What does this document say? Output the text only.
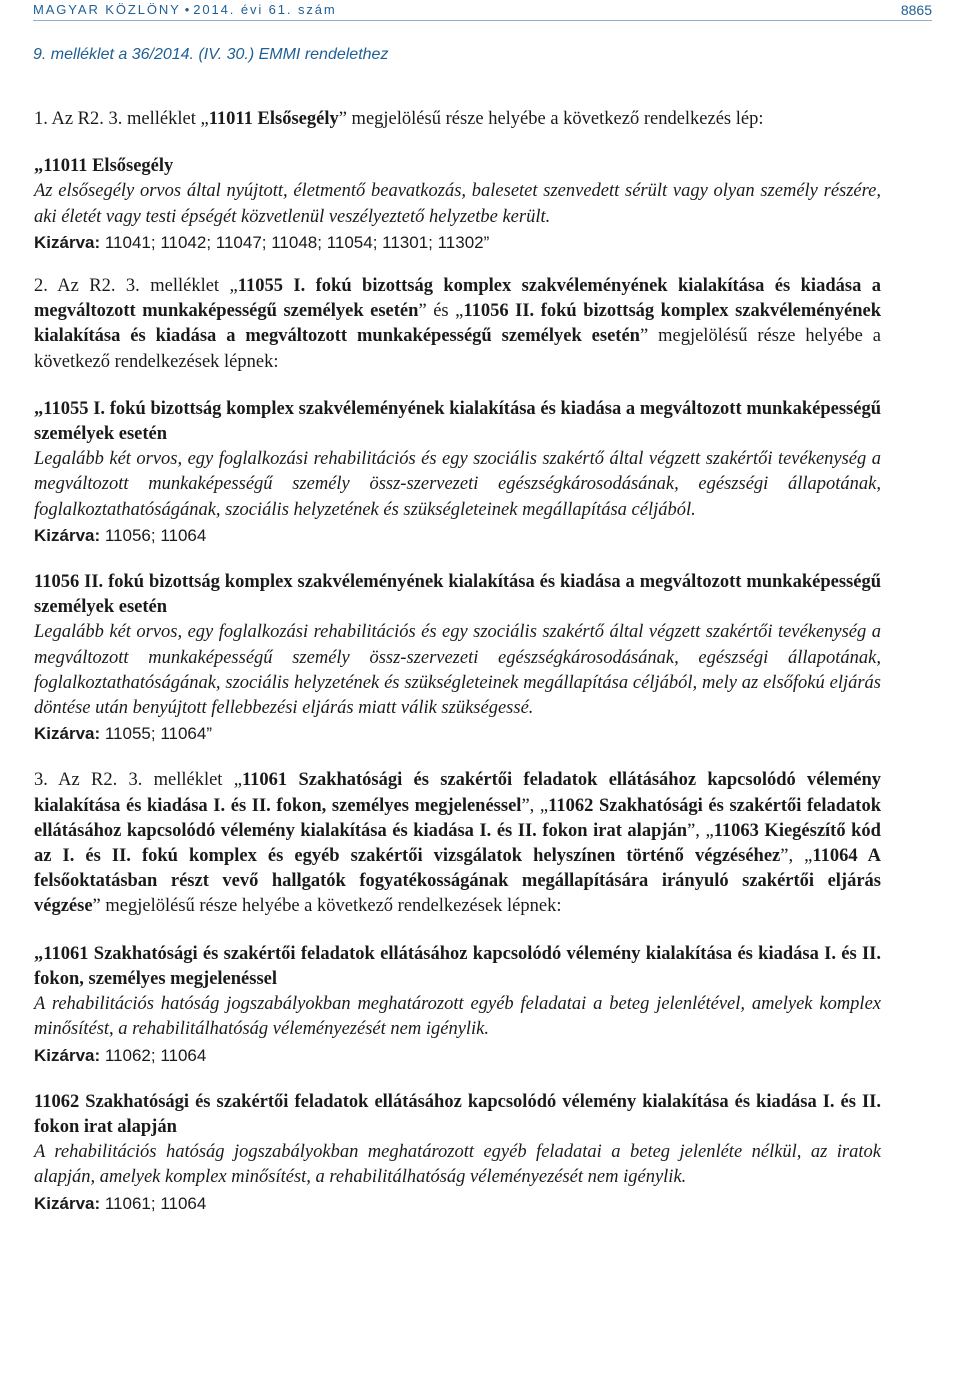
MAGYAR KÖZLÖNY • 2014. évi 61. szám	8865
9. melléklet a 36/2014. (IV. 30.) EMMI rendelethez

1. Az R2. 3. melléklet „11011 Elsősegély” megjelölésű része helyébe a következő rendelkezés lép:

„11011 Elsősegély

Az elsősegély orvos által nyújtott, életmentő beavatkozás, balesetet szenvedett sérült vagy olyan személy részére, aki életét vagy testi épségét közvetlenül veszélyeztető helyzetbe került.

Kizárva: 11041; 11042; 11047; 11048; 11054; 11301; 11302”

2. Az R2. 3. melléklet „11055 I. fokú bizottság komplex szakvéleményének kialakítása és kiadása a megváltozott munkaképességű személyek esetén” és „11056 II. fokú bizottság komplex szakvéleményének kialakítása és kiadása a megváltozott munkaképességű személyek esetén” megjelölésű része helyébe a következő rendelkezések lépnek:

„11055 I. fokú bizottság komplex szakvéleményének kialakítása és kiadása a megváltozott munkaképességű személyek esetén

Legalább két orvos, egy foglalkozási rehabilitációs és egy szociális szakértő által végzett szakértői tevékenység a megváltozott munkaképességű személy össz-szervezeti egészségkárosodásának, egészségi állapotának, foglalkoztathatóságának, szociális helyzetének és szükségleteinek megállapítása céljából.

Kizárva: 11056; 11064

11056 II. fokú bizottság komplex szakvéleményének kialakítása és kiadása a megváltozott munkaképességű személyek esetén

Legalább két orvos, egy foglalkozási rehabilitációs és egy szociális szakértő által végzett szakértői tevékenység a megváltozott munkaképességű személy össz-szervezeti egészségkárosodásának, egészségi állapotának, foglalkoztathatóságának, szociális helyzetének és szükségleteinek megállapítása céljából, mely az elsőfokú eljárás döntése után benyújtott fellebbezési eljárás miatt válik szükségessé.

Kizárva: 11055; 11064”

3. Az R2. 3. melléklet „11061 Szakhatósági és szakértői feladatok ellátásához kapcsolódó vélemény kialakítása és kiadása I. és II. fokon, személyes megjelenéssel”, „11062 Szakhatósági és szakértői feladatok ellátásához kapcsolódó vélemény kialakítása és kiadása I. és II. fokon irat alapján”, „11063 Kiegészítő kód az I. és II. fokú komplex és egyéb szakértői vizsgálatok helyszínen történő végzéséhez”, „11064 A felsőoktatásban részt vevő hallgatók fogyatékosságának megállapítására irányuló szakértői eljárás végzése” megjelölésű része helyébe a következő rendelkezések lépnek:

„11061 Szakhatósági és szakértői feladatok ellátásához kapcsolódó vélemény kialakítása és kiadása I. és II. fokon, személyes megjelenéssel

A rehabilitációs hatóság jogszabályokban meghatározott egyéb feladatai a beteg jelenlétével, amelyek komplex minősítést, a rehabilitálhatóság véleményezését nem igénylik.

Kizárva: 11062; 11064

11062 Szakhatósági és szakértői feladatok ellátásához kapcsolódó vélemény kialakítása és kiadása I. és II. fokon irat alapján

A rehabilitációs hatóság jogszabályokban meghatározott egyéb feladatai a beteg jelenléte nélkül, az iratok alapján, amelyek komplex minősítést, a rehabilitálhatóság véleményezését nem igénylik.

Kizárva: 11061; 11064
